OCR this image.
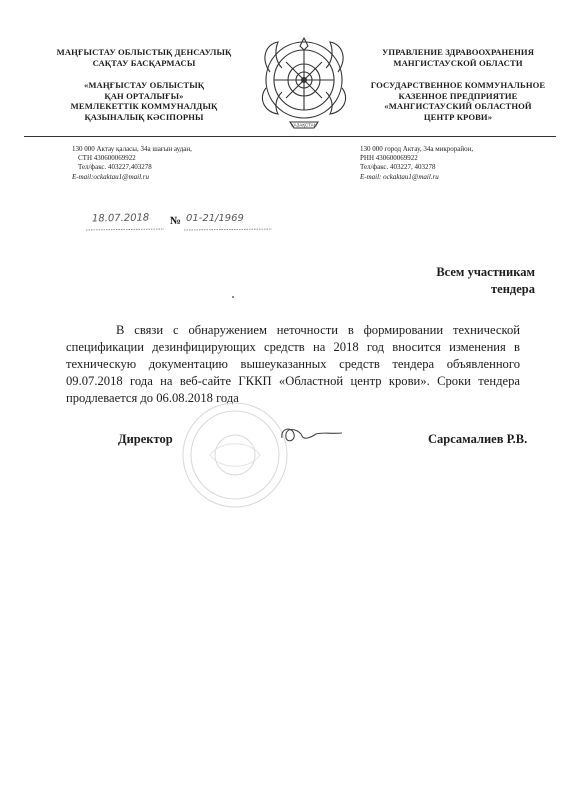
МАҢҒЫСТАУ ОБЛЫСТЫҚ ДЕНСАУЛЫҚ
САҚТАУ БАСҚАРМАСЫ
«МАҢҒЫСТАУ ОБЛЫСТЫҚ
ҚАН ОРТАЛЫҒЫ»
МЕМЛЕКЕТТІК КОММУНАЛДЫҚ
ҚАЗЫНАЛЫҚ КӘСІПОРНЫ
ҚАЗАҚСТАН
УПРАВЛЕНИЕ ЗДРАВООХРАНЕНИЯ
МАНГИСТАУСКОЙ ОБЛАСТИ
ГОСУДАРСТВЕННОЕ КОММУНАЛЬНОЕ
КАЗЕННОЕ ПРЕДПРИЯТИЕ
«МАНГИСТАУСКИЙ ОБЛАСТНОЙ
ЦЕНТР КРОВИ»
130 000 Актау қаласы, 34а шағын аудан,
СТН 430600069922
Тел/факс. 403227,403278
E-mail:ockaktau1@mail.ru
130 000 город Актау, 34а микрорайон,
РНН 430600069922
Тел/факс. 403227, 403278
E-mail: ockaktau1@mail.ru
18.07.2018 № 01-21/1969
Всем участникам
тендера
В связи с обнаружением неточности в формировании технической спецификации дезинфицирующих средств на 2018 год вносится изменения в техническую документацию вышеуказанных средств тендера объявленного 09.07.2018 года на веб-сайте ГККП «Областной центр крови». Сроки тендера продлевается до 06.08.2018 года
Директор	Сарсамалиев Р.В.
